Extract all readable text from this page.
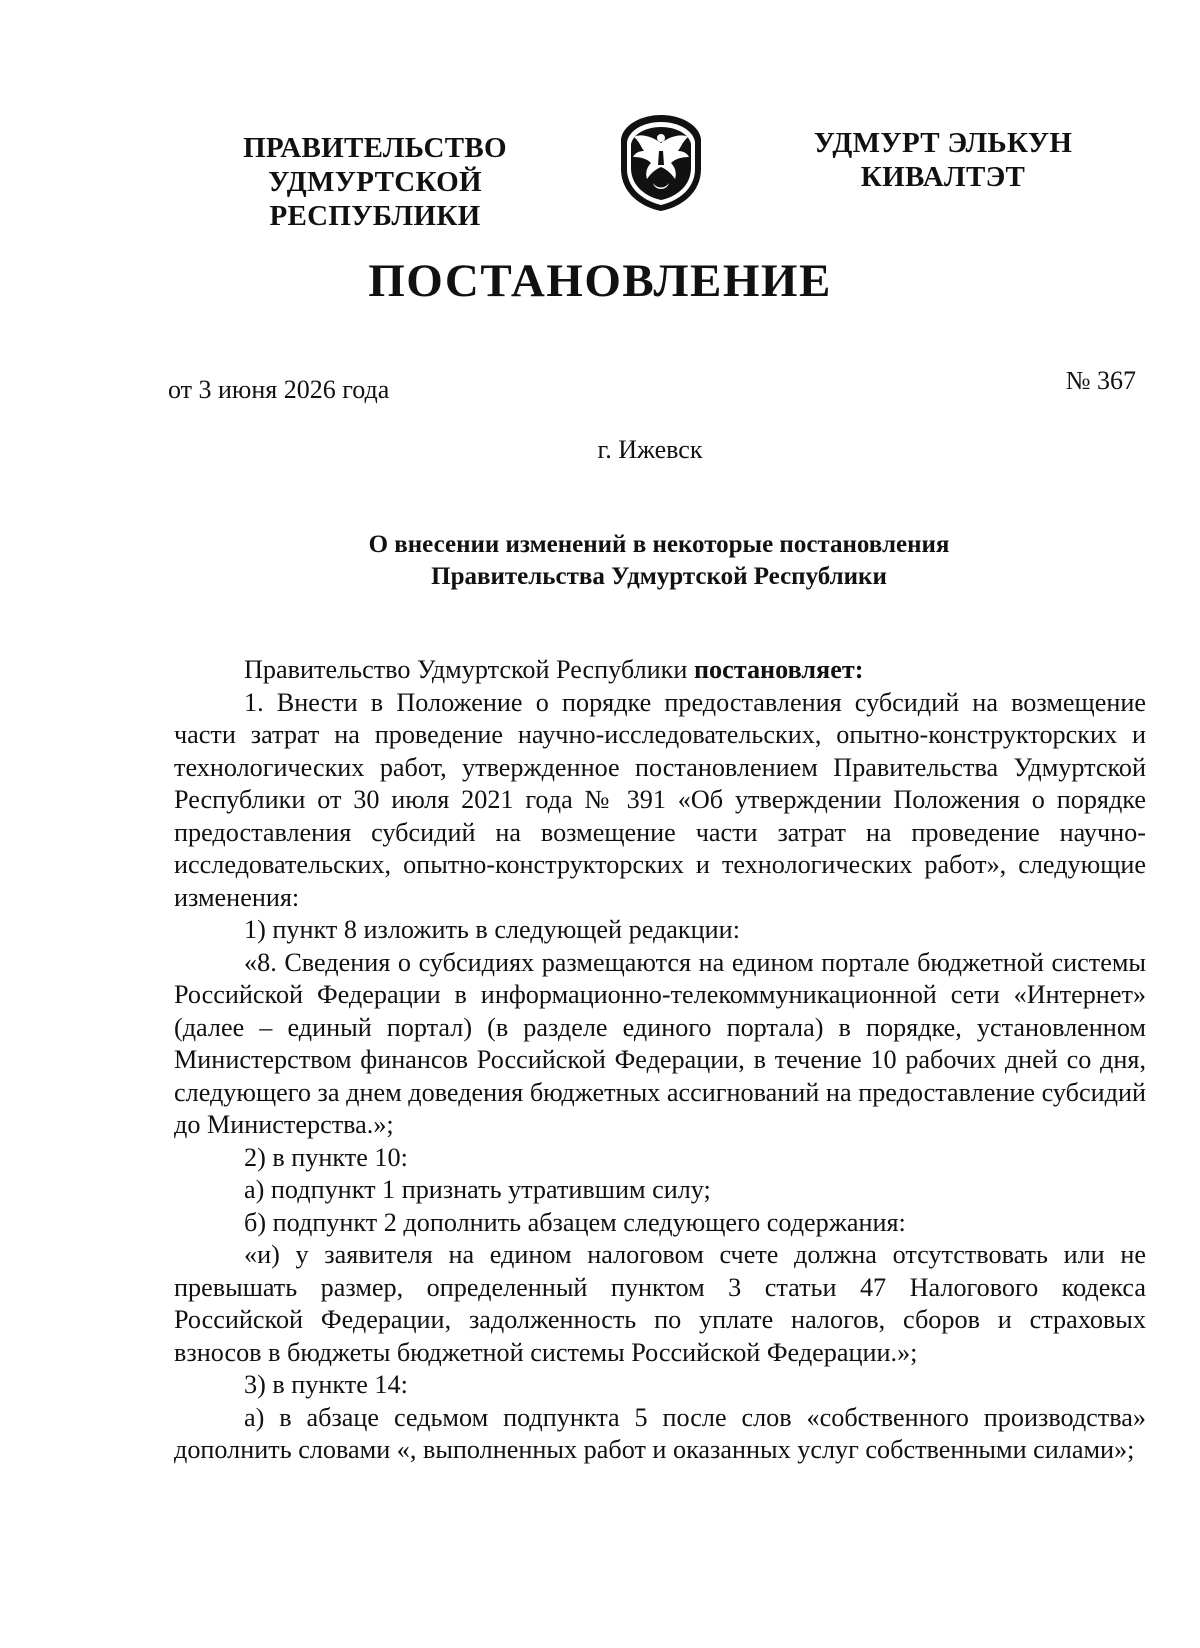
ПРАВИТЕЛЬСТВО
УДМУРТСКОЙ РЕСПУБЛИКИ
УДМУРТ ЭЛЬКУН
КИВАЛТЭТ
ПОСТАНОВЛЕНИЕ
от 3 июня 2026 года	№ 367
г. Ижевск
О внесении изменений в некоторые постановления
Правительства Удмуртской Республики

Правительство Удмуртской Республики постановляет:

1. Внести в Положение о порядке предоставления субсидий на возмещение части затрат на проведение научно-исследовательских, опытно-конструкторских и технологических работ, утвержденное постановлением Правительства Удмуртской Республики от 30 июля 2021 года № 391 «Об утверждении Положения о порядке предоставления субсидий на возмещение части затрат на проведение научно-исследовательских, опытно-конструкторских и технологических работ», следующие изменения:

1) пункт 8 изложить в следующей редакции:

«8. Сведения о субсидиях размещаются на едином портале бюджетной системы Российской Федерации в информационно-телекоммуникационной сети «Интернет» (далее – единый портал) (в разделе единого портала) в порядке, установленном Министерством финансов Российской Федерации, в течение 10 рабочих дней со дня, следующего за днем доведения бюджетных ассигнований на предоставление субсидий до Министерства.»;

2) в пункте 10:

а) подпункт 1 признать утратившим силу;

б) подпункт 2 дополнить абзацем следующего содержания:

«и) у заявителя на едином налоговом счете должна отсутствовать или не превышать размер, определенный пунктом 3 статьи 47 Налогового кодекса Российской Федерации, задолженность по уплате налогов, сборов и страховых взносов в бюджеты бюджетной системы Российской Федерации.»;

3) в пункте 14:

а) в абзаце седьмом подпункта 5 после слов «собственного производства» дополнить словами «, выполненных работ и оказанных услуг собственными силами»;
